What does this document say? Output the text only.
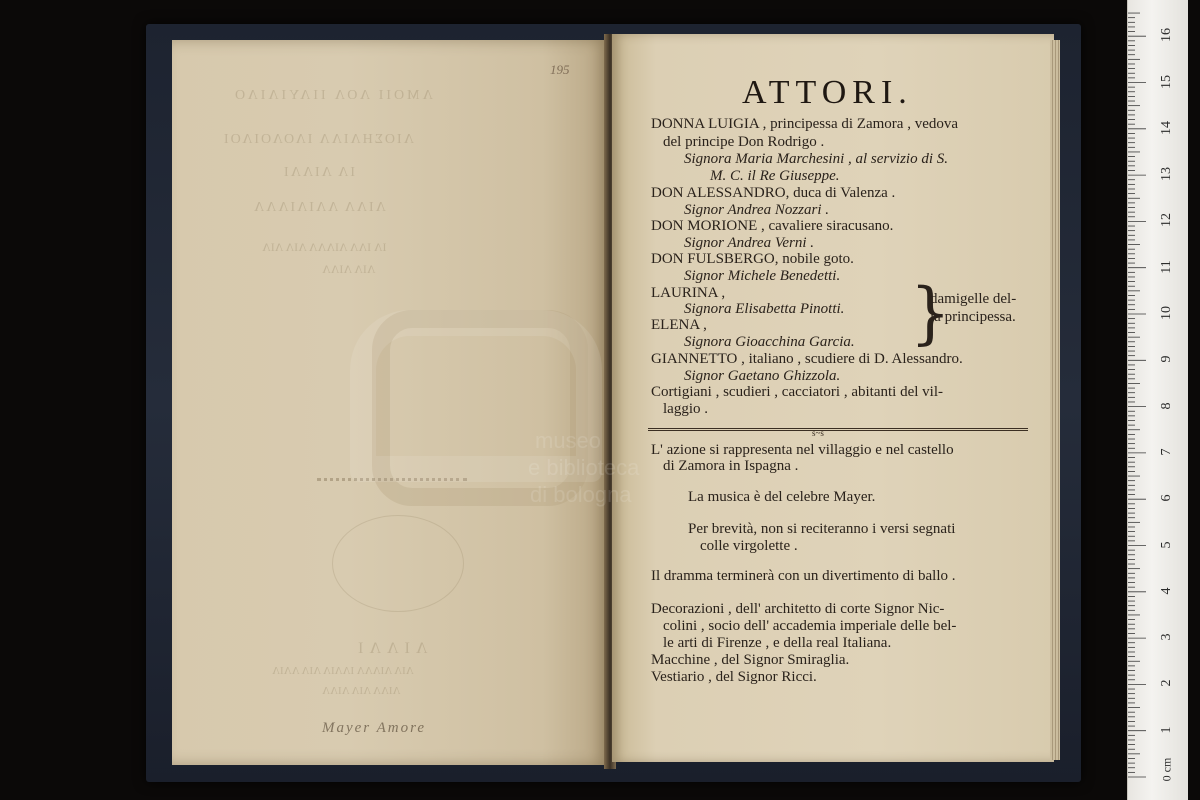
ΛΜΟΙΙ ΛΟΛ ΙΙΛΥΙΛΙΛΟ
ΛΙΟΣΗΛΙΛΛ ΙΛΟΛΟΙΛΟΙ
ΙΛ ΛΙΛΛΙ
ΛΙΛΛ ΛΛΙΛΙΛΛΛ
ΙΛ ΙΛΛ ΛΙΛΛΛ ΛΙΛ ΛΙΛ
ΛΙΛ ΛΙΛΛ
ΛΙΛΛΙ
ΛΙΛ ΛΙΛΛΛ ΙΛΛΙΛ ΛΙΛ ΛΛΙΛ
ΛΙΛΛ ΛΙΛ ΛΙΛΛ
195
Mayer Amore
ATTORI.
DONNA LUIGIA , principessa di Zamora , vedova
del principe Don Rodrigo .
Signora Maria Marchesini , al servizio di S.
M. C. il Re Giuseppe.
DON ALESSANDRO, duca di Valenza .
Signor Andrea Nozzari .
DON MORIONE , cavaliere siracusano.
Signor Andrea Verni .
DON FULSBERGO, nobile goto.
Signor Michele Benedetti.
LAURINA ,
Signora Elisabetta Pinotti.
ELENA ,
Signora Gioacchina Garcia. }
damigelle del-
la principessa.
GIANNETTO , italiano , scudiere di D. Alessandro.
Signor Gaetano Ghizzola.
Cortigiani , scudieri , cacciatori , abitanti del vil-
laggio .
s~s
L' azione si rappresenta nel villaggio e nel castello
di Zamora in Ispagna .
La musica è del celebre Mayer.
Per brevità, non si reciteranno i versi segnati
colle virgolette .
Il dramma terminerà con un divertimento di ballo .
Decorazioni , dell' architetto di corte Signor Nic-
colini , socio dell' accademia imperiale delle bel-
le arti di Firenze , e della real Italiana.
Macchine , del Signor Smiraglia.
Vestiario , del Signor Ricci.
museo
e biblioteca
di bologna
0 cm
1
2
3
4
5
6
7
8
9
10
11
12
13
14
15
16
